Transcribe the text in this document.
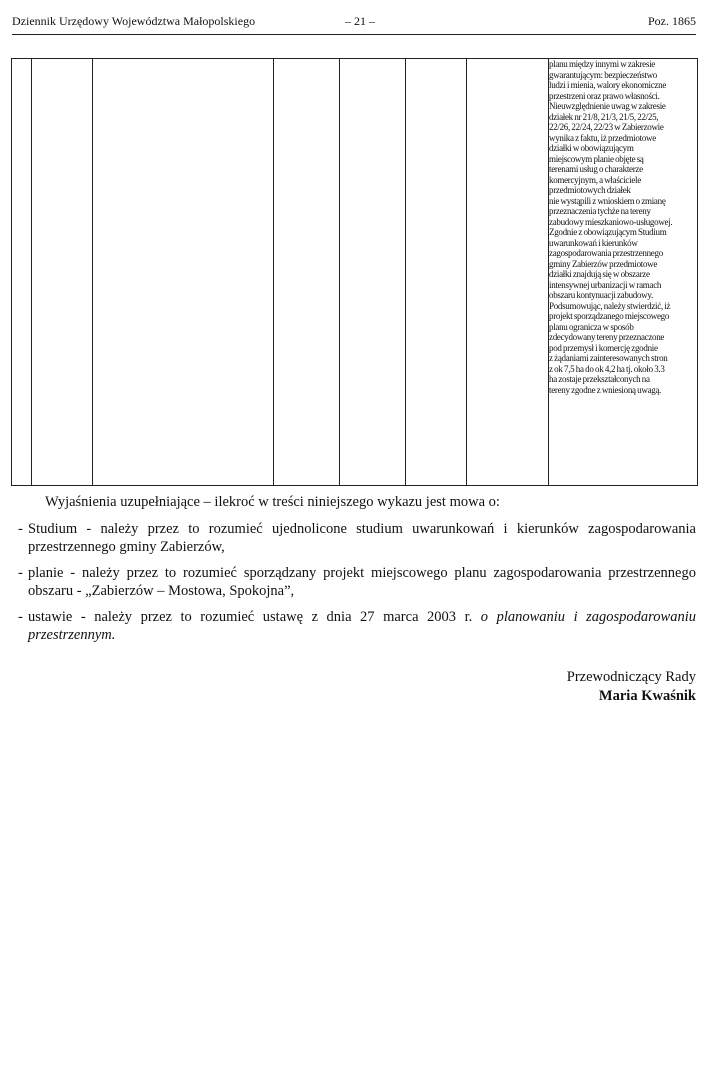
Dziennik Urzędowy Województwa Małopolskiego	– 21 –	Poz. 1865

planu między innymi w zakresie
gwarantującym: bezpieczeństwo
ludzi i mienia, walory ekonomiczne
przestrzeni oraz prawo własności.
Nieuwzględnienie uwag w zakresie
działek nr 21/8, 21/3, 21/5, 22/25,
22/26, 22/24, 22/23 w Zabierzowie
wynika z faktu, iż przedmiotowe
działki w obowiązującym
miejscowym planie objęte są
terenami usług o charakterze
komercyjnym, a właściciele
przedmiotowych działek
nie wystąpili z wnioskiem o zmianę
przeznaczenia tychże na tereny
zabudowy mieszkaniowo-usługowej.
Zgodnie z obowiązującym Studium
uwarunkowań i kierunków
zagospodarowania przestrzennego
gminy Zabierzów przedmiotowe
działki znajdują się w obszarze
intensywnej urbanizacji w ramach
obszaru kontynuacji zabudowy.
Podsumowując, należy stwierdzić, iż
projekt sporządzanego miejscowego
planu ogranicza w sposób
zdecydowany tereny przeznaczone
pod przemysł i komercję zgodnie
z żądaniami zainteresowanych stron
z ok 7,5 ha do ok 4,2 ha tj. około 3.3
ha zostaje przekształconych na
tereny zgodne z wniesioną uwagą.

Wyjaśnienia uzupełniające – ilekroć w treści niniejszego wykazu jest mowa o:

- Studium - należy przez to rozumieć ujednolicone studium uwarunkowań i kierunków zagospodarowania przestrzennego gminy Zabierzów,
- planie - należy przez to rozumieć sporządzany projekt miejscowego planu zagospodarowania przestrzennego obszaru - „Zabierzów – Mostowa, Spokojna”,
- ustawie - należy przez to rozumieć ustawę z dnia 27 marca 2003 r. o planowaniu i zagospodarowaniu przestrzennym.
Przewodniczący Rady
Maria Kwaśnik
